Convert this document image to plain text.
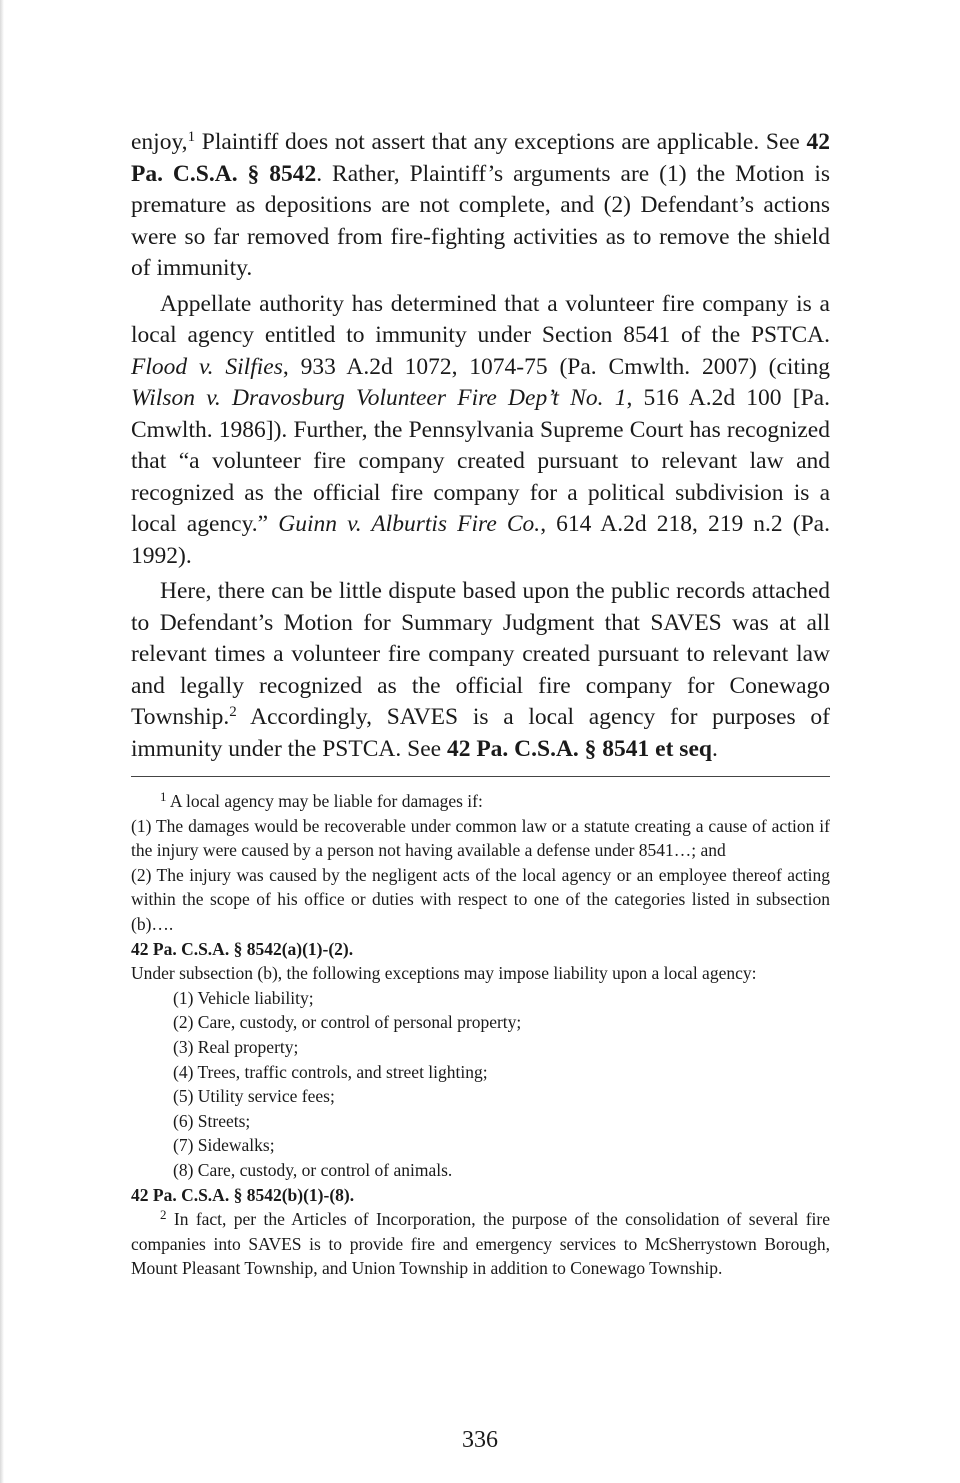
enjoy,$^1$ Plaintiff does not assert that any exceptions are applicable. See 42 Pa. C.S.A. § 8542. Rather, Plaintiff’s arguments are (1) the Motion is premature as depositions are not complete, and (2) Defendant’s actions were so far removed from fire-fighting activities as to remove the shield of immunity.

Appellate authority has determined that a volunteer fire company is a local agency entitled to immunity under Section 8541 of the PSTCA. Flood v. Silfies, 933 A.2d 1072, 1074-75 (Pa. Cmwlth. 2007) (citing Wilson v. Dravosburg Volunteer Fire Dep’t No. 1, 516 A.2d 100 [Pa. Cmwlth. 1986]). Further, the Pennsylvania Supreme Court has recognized that “a volunteer fire company created pursuant to relevant law and recognized as the official fire company for a political subdivision is a local agency.” Guinn v. Alburtis Fire Co., 614 A.2d 218, 219 n.2 (Pa. 1992).

Here, there can be little dispute based upon the public records attached to Defendant’s Motion for Summary Judgment that SAVES was at all relevant times a volunteer fire company created pursuant to relevant law and legally recognized as the official fire company for Conewago Township.$^2$ Accordingly, SAVES is a local agency for purposes of immunity under the PSTCA. See 42 Pa. C.S.A. § 8541 et seq.

$^1$ A local agency may be liable for damages if:

(1) The damages would be recoverable under common law or a statute creating a cause of action if the injury were caused by a person not having available a defense under 8541…; and

(2) The injury was caused by the negligent acts of the local agency or an employee thereof acting within the scope of his office or duties with respect to one of the categories listed in subsection (b)….

42 Pa. C.S.A. § 8542(a)(1)-(2).

Under subsection (b), the following exceptions may impose liability upon a local agency:

(1) Vehicle liability;
(2) Care, custody, or control of personal property;
(3) Real property;
(4) Trees, traffic controls, and street lighting;
(5) Utility service fees;
(6) Streets;
(7) Sidewalks;
(8) Care, custody, or control of animals.

42 Pa. C.S.A. § 8542(b)(1)-(8).

$^2$ In fact, per the Articles of Incorporation, the purpose of the consolidation of several fire companies into SAVES is to provide fire and emergency services to McSherrystown Borough, Mount Pleasant Township, and Union Township in addition to Conewago Township.

336
